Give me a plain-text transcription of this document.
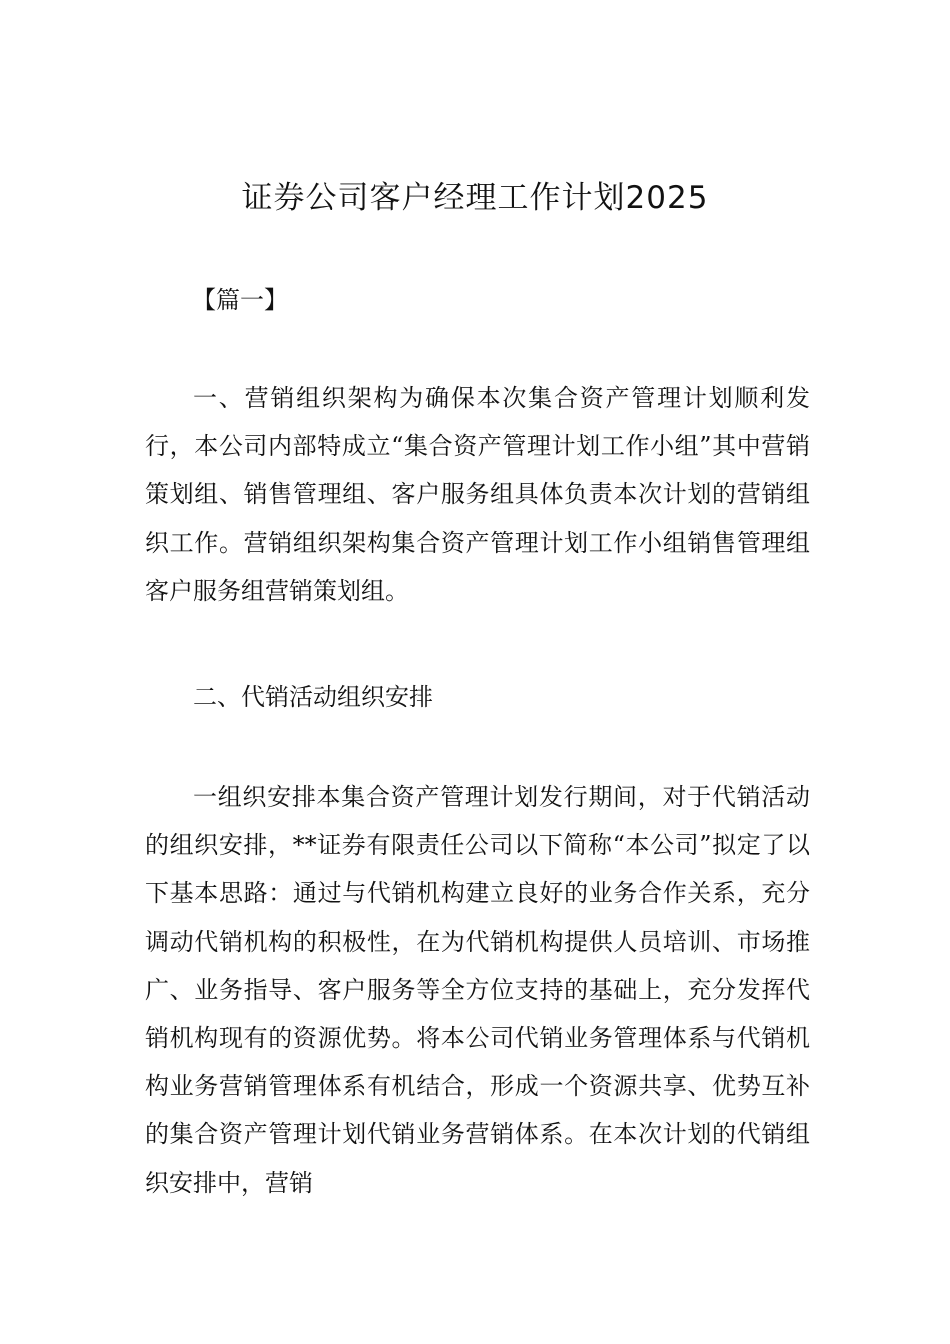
证券公司客户经理工作计划2025

【篇一】

一、营销组织架构为确保本次集合资产管理计划顺利发行，本公司内部特成立“集合资产管理计划工作小组”其中营销策划组、销售管理组、客户服务组具体负责本次计划的营销组织工作。营销组织架构集合资产管理计划工作小组销售管理组客户服务组营销策划组。

二、代销活动组织安排

一组织安排本集合资产管理计划发行期间，对于代销活动的组织安排，**证券有限责任公司以下简称“本公司”拟定了以下基本思路：通过与代销机构建立良好的业务合作关系，充分调动代销机构的积极性，在为代销机构提供人员培训、市场推广、业务指导、客户服务等全方位支持的基础上，充分发挥代销机构现有的资源优势。将本公司代销业务管理体系与代销机构业务营销管理体系有机结合，形成一个资源共享、优势互补的集合资产管理计划代销业务营销体系。在本次计划的代销组织安排中，营销
